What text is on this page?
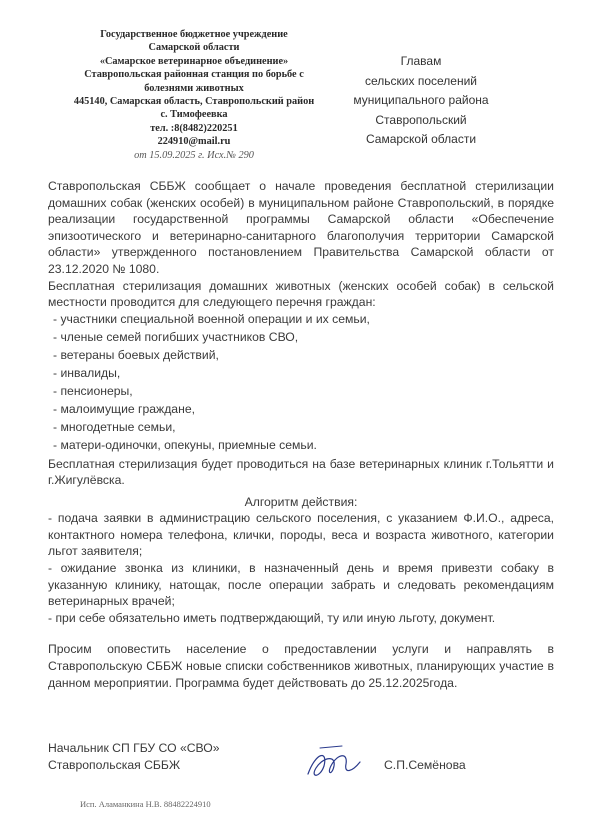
Государственное бюджетное учреждение
Самарской области
«Самарское ветеринарное объединение»
Ставропольская районная станция по борьбе с болезнями животных
445140, Самарская область, Ставропольский район
с. Тимофеевка
тел. :8(8482)220251
224910@mail.ru
от 15.09.2025 г. Исх.№ 290
Главам
сельских поселений
муниципального района
Ставропольский
Самарской области

Ставропольская СББЖ сообщает о начале проведения бесплатной стерилизации домашних собак (женских особей) в муниципальном районе Ставропольский, в порядке реализации государственной программы Самарской области «Обеспечение эпизоотического и ветеринарно-санитарного благополучия территории Самарской области» утвержденного постановлением Правительства Самарской области от 23.12.2020 № 1080.

Бесплатная стерилизация домашних животных (женских особей собак) в сельской местности проводится для следующего перечня граждан:

- участники специальной военной операции и их семьи,
- членые семей погибших участников СВО,
- ветераны боевых действий,
- инвалиды,
- пенсионеры,
- малоимущие граждане,
- многодетные семьи,
- матери-одиночки, опекуны, приемные семьи.

Бесплатная стерилизация будет проводиться на базе ветеринарных клиник г.Тольятти и г.Жигулёвска.

Алгоритм действия:

- подача заявки в администрацию сельского поселения, с указанием Ф.И.О., адреса, контактного номера телефона, клички, породы, веса и возраста животного, категории льгот заявителя;

- ожидание звонка из клиники, в назначенный день и время привезти собаку в указанную клинику, натощак, после операции забрать и следовать рекомендациям ветеринарных врачей;

- при себе обязательно иметь подтверждающий, ту или иную льготу, документ.

Просим оповестить население о предоставлении услуги и направлять в Ставропольскую СББЖ новые списки собственников животных, планирующих участие в данном мероприятии. Программа будет действовать до 25.12.2025года.

Начальник СП ГБУ СО «СВО»
Ставропольская СББЖ	С.П.Семёнова
Исп. Аламанкина Н.В. 88482224910
